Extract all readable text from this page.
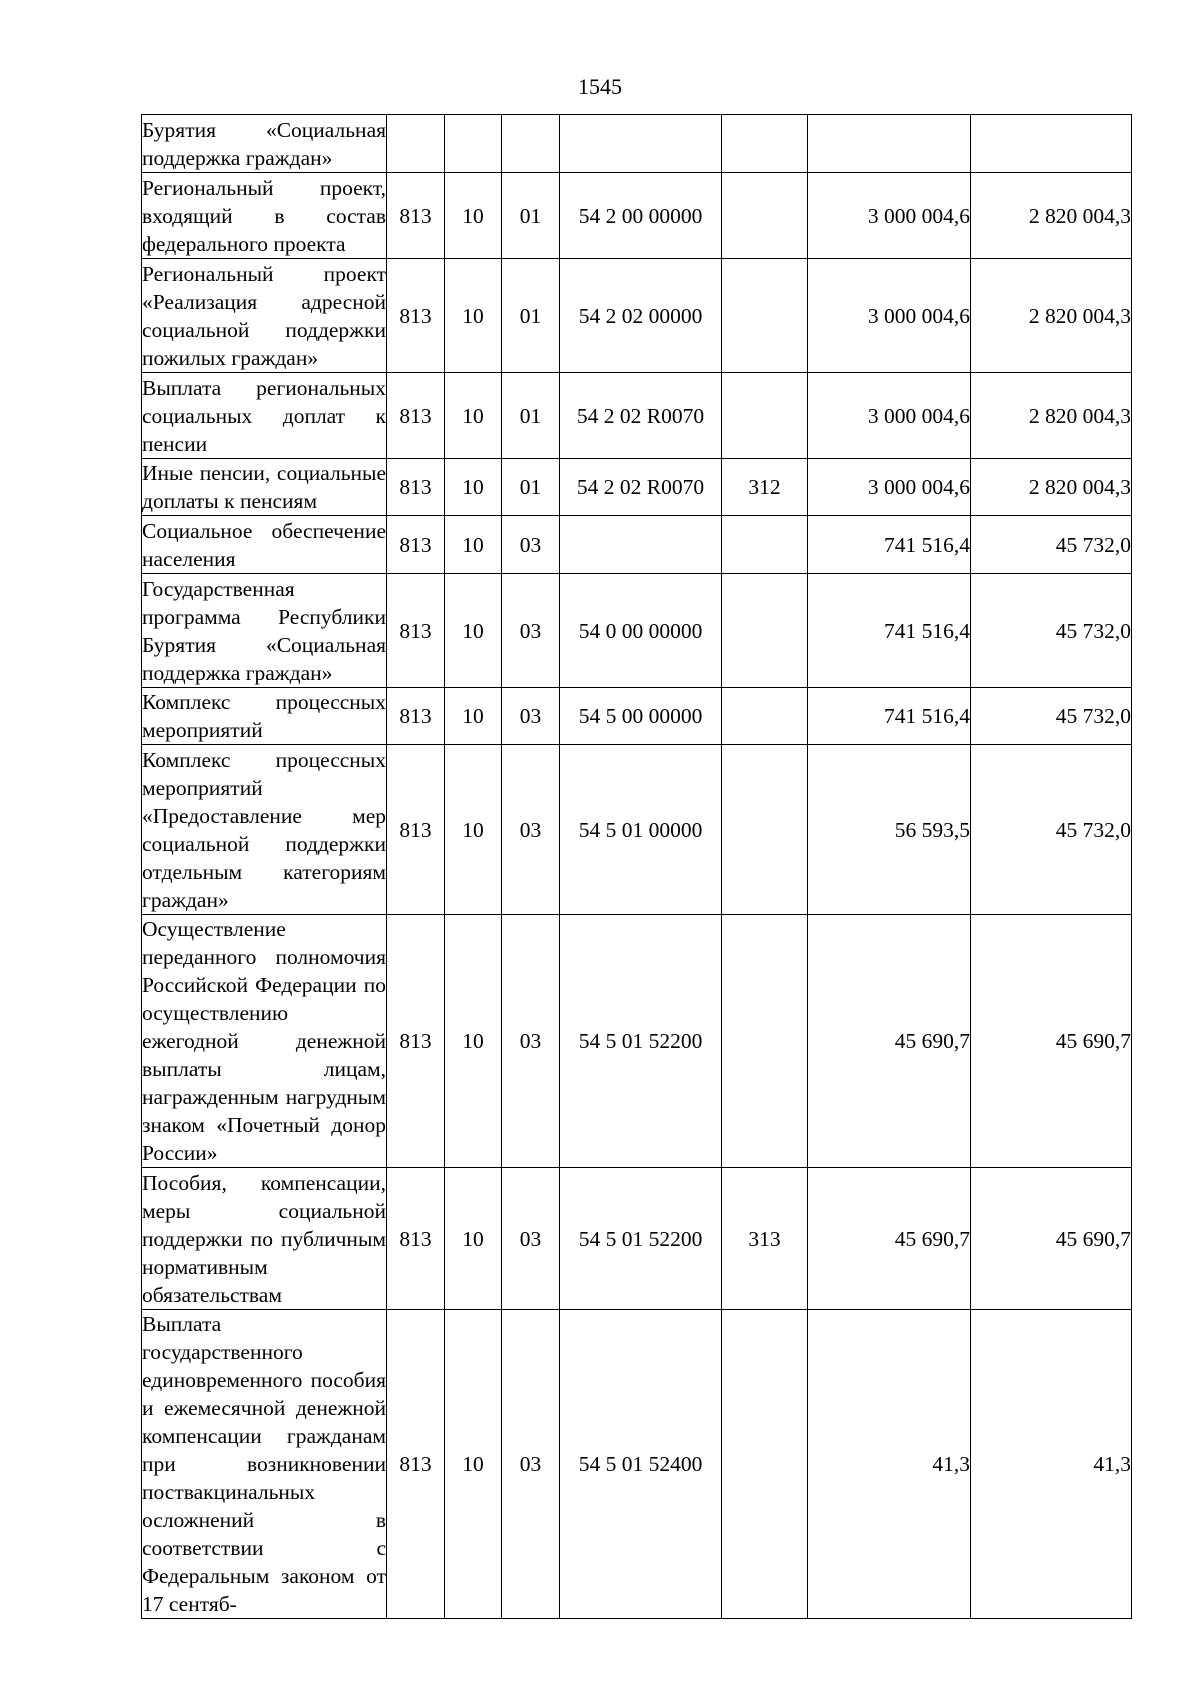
1545
Бурятия «Социальная поддержка граждан»							
Региональный проект, входящий в состав федерального проекта	813	10	01	54 2 00 00000		3 000 004,6	2 820 004,3
Региональный проект «Реализация адресной социальной поддержки пожилых граждан»	813	10	01	54 2 02 00000		3 000 004,6	2 820 004,3
Выплата региональных социальных доплат к пенсии	813	10	01	54 2 02 R0070		3 000 004,6	2 820 004,3
Иные пенсии, социальные доплаты к пенсиям	813	10	01	54 2 02 R0070	312	3 000 004,6	2 820 004,3
Социальное обеспечение населения	813	10	03			741 516,4	45 732,0
Государственная программа Республики Бурятия «Социальная поддержка граждан»	813	10	03	54 0 00 00000		741 516,4	45 732,0
Комплекс процессных мероприятий	813	10	03	54 5 00 00000		741 516,4	45 732,0
Комплекс процессных мероприятий «Предоставление мер социальной поддержки отдельным категориям граждан»	813	10	03	54 5 01 00000		56 593,5	45 732,0
Осуществление переданного полномочия Российской Федерации по осуществлению ежегодной денежной выплаты лицам, награжденным нагрудным знаком «Почетный донор России»	813	10	03	54 5 01 52200		45 690,7	45 690,7
Пособия, компенсации, меры социальной поддержки по публичным нормативным обязательствам	813	10	03	54 5 01 52200	313	45 690,7	45 690,7
Выплата государственного единовременного пособия и ежемесячной денежной компенсации гражданам при возникновении поствакцинальных осложнений в соответствии с Федеральным законом от 17 сентяб-	813	10	03	54 5 01 52400		41,3	41,3
